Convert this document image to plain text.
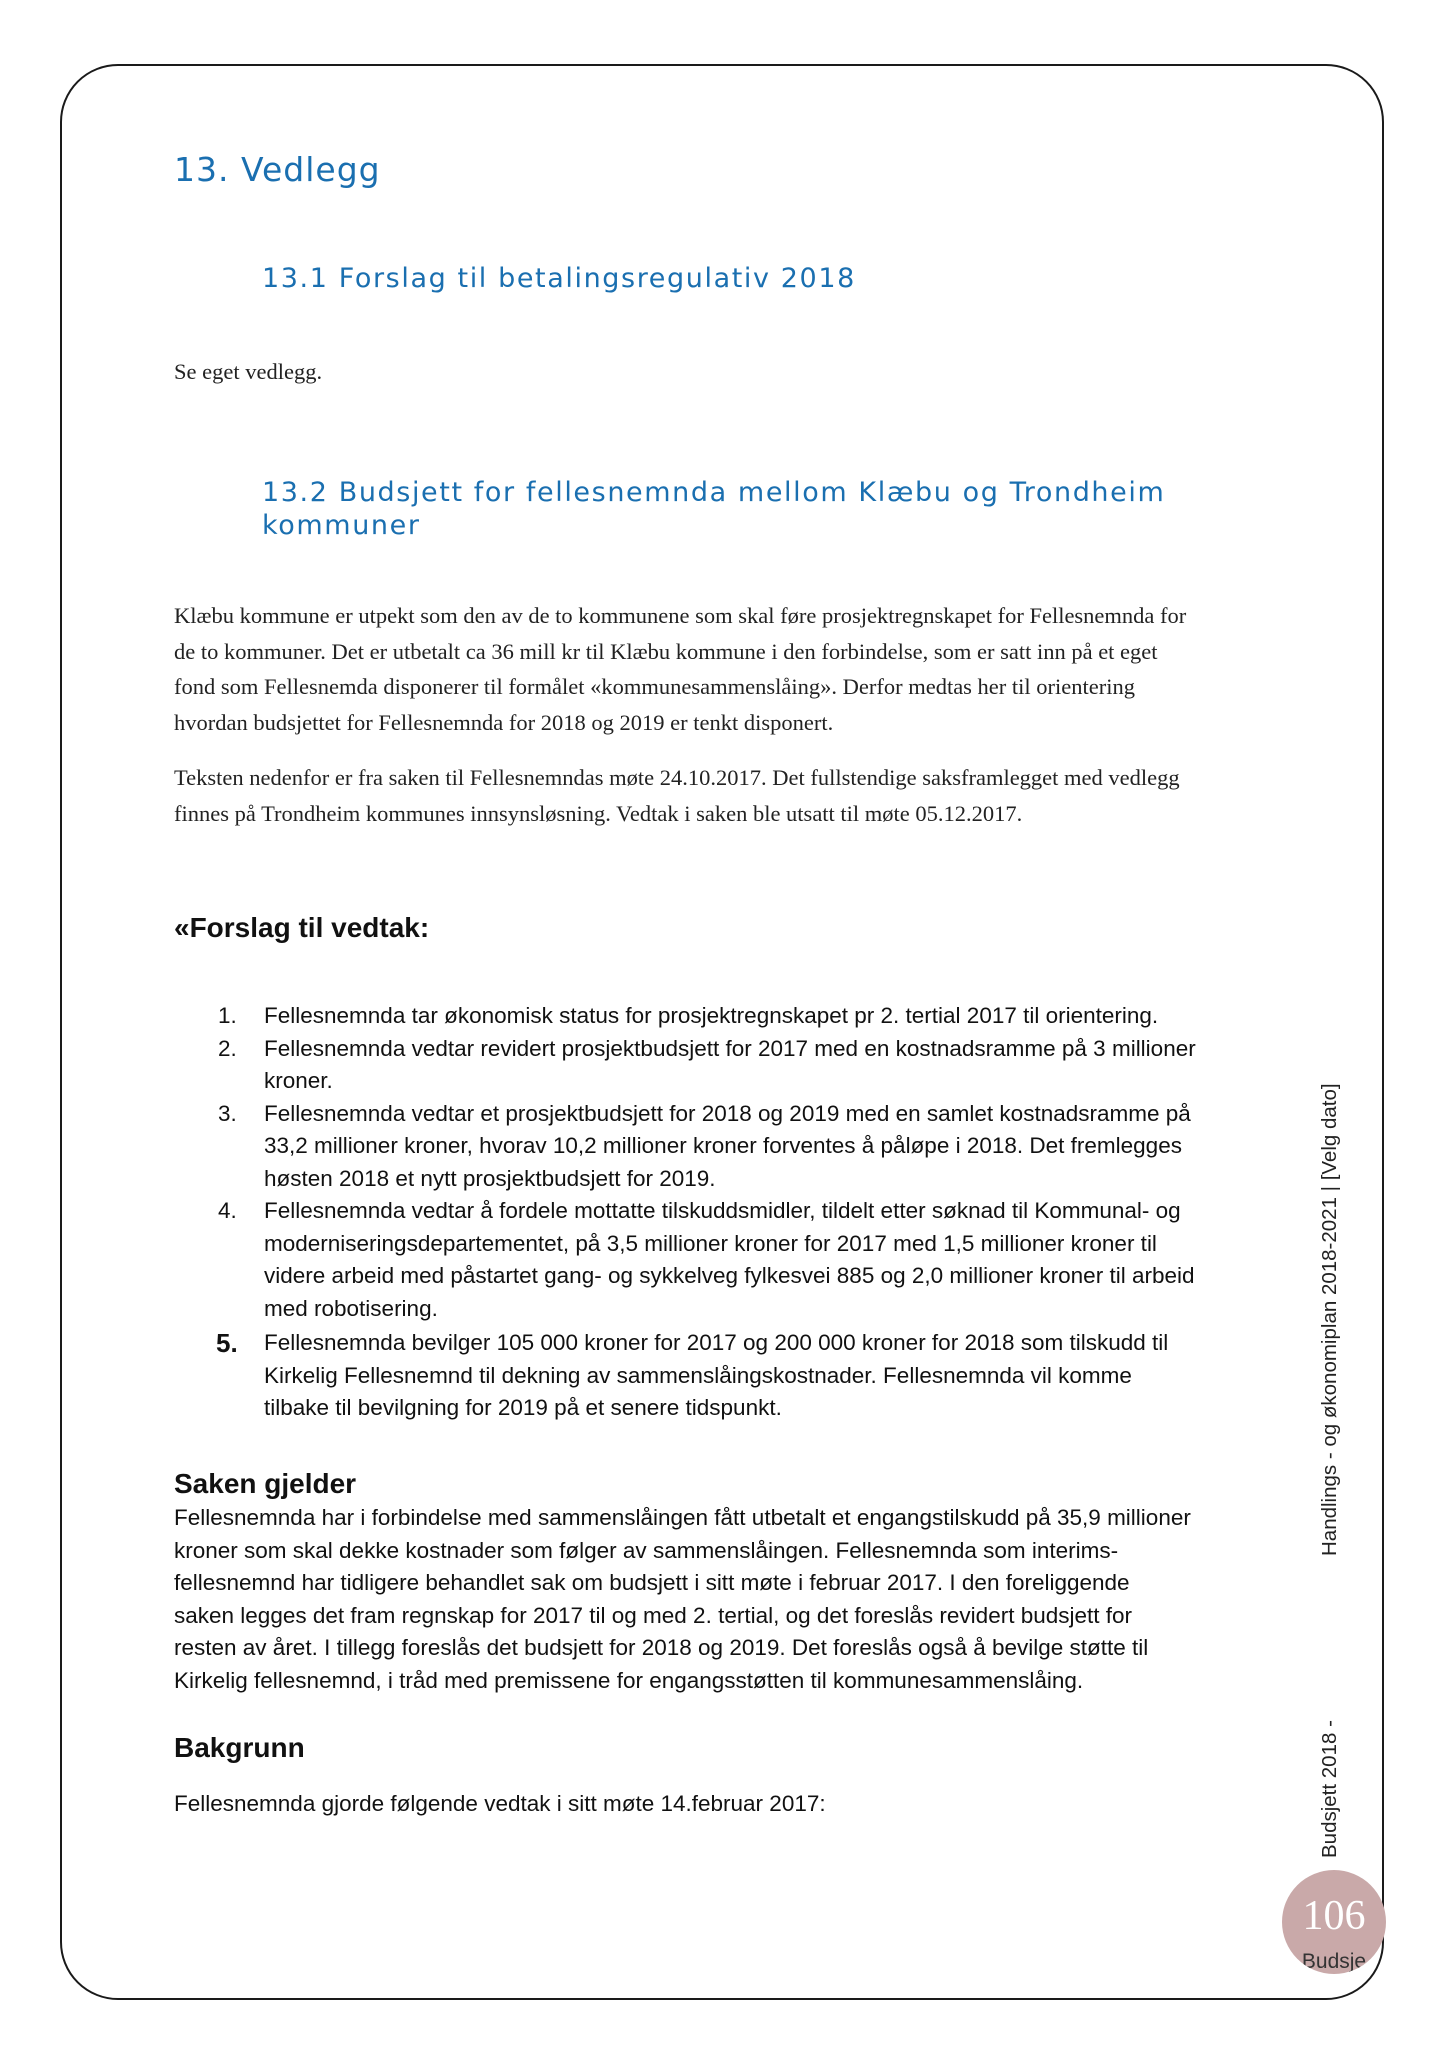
13. Vedlegg
13.1 Forslag til betalingsregulativ 2018

Se eget vedlegg.

13.2 Budsjett for fellesnemnda mellom Klæbu og Trondheim
kommuner

Klæbu kommune er utpekt som den av de to kommunene som skal føre prosjektregnskapet for Fellesnemnda for
de to kommuner. Det er utbetalt ca 36 mill kr til Klæbu kommune i den forbindelse, som er satt inn på et eget
fond som Fellesnemda disponerer til formålet «kommunesammenslåing». Derfor medtas her til orientering
hvordan budsjettet for Fellesnemnda for 2018 og 2019 er tenkt disponert.

Teksten nedenfor er fra saken til Fellesnemndas møte 24.10.2017. Det fullstendige saksframlegget med vedlegg
finnes på Trondheim kommunes innsynsløsning. Vedtak i saken ble utsatt til møte 05.12.2017.

«Forslag til vedtak:
1.	Fellesnemnda tar økonomisk status for prosjektregnskapet pr 2. tertial 2017 til orientering.
2.	Fellesnemnda vedtar revidert prosjektbudsjett for 2017 med en kostnadsramme på 3 millioner
kroner.
3.	Fellesnemnda vedtar et prosjektbudsjett for 2018 og 2019 med en samlet kostnadsramme på
33,2 millioner kroner, hvorav 10,2 millioner kroner forventes å påløpe i 2018. Det fremlegges
høsten 2018 et nytt prosjektbudsjett for 2019.
4.	Fellesnemnda vedtar å fordele mottatte tilskuddsmidler, tildelt etter søknad til Kommunal- og
moderniseringsdepartementet, på 3,5 millioner kroner for 2017 med 1,5 millioner kroner til
videre arbeid med påstartet gang- og sykkelveg fylkesvei 885 og 2,0 millioner kroner til arbeid
med robotisering.
5.	Fellesnemnda bevilger 105 000 kroner for 2017 og 200 000 kroner for 2018 som tilskudd til
Kirkelig Fellesnemnd til dekning av sammenslåingskostnader. Fellesnemnda vil komme
tilbake til bevilgning for 2019 på et senere tidspunkt.
Saken gjelder

Fellesnemnda har i forbindelse med sammenslåingen fått utbetalt et engangstilskudd på 35,9 millioner
kroner som skal dekke kostnader som følger av sammenslåingen. Fellesnemnda som interims-
fellesnemnd har tidligere behandlet sak om budsjett i sitt møte i februar 2017. I den foreliggende
saken legges det fram regnskap for 2017 til og med 2. tertial, og det foreslås revidert budsjett for
resten av året. I tillegg foreslås det budsjett for 2018 og 2019. Det foreslås også å bevilge støtte til
Kirkelig fellesnemnd, i tråd med premissene for engangsstøtten til kommunesammenslåing.

Bakgrunn

Fellesnemnda gjorde følgende vedtak i sitt møte 14.februar 2017:

Handlings - og økonomiplan 2018-2021 | [Velg dato]
Budsjett 2018 -
106
Budsje
